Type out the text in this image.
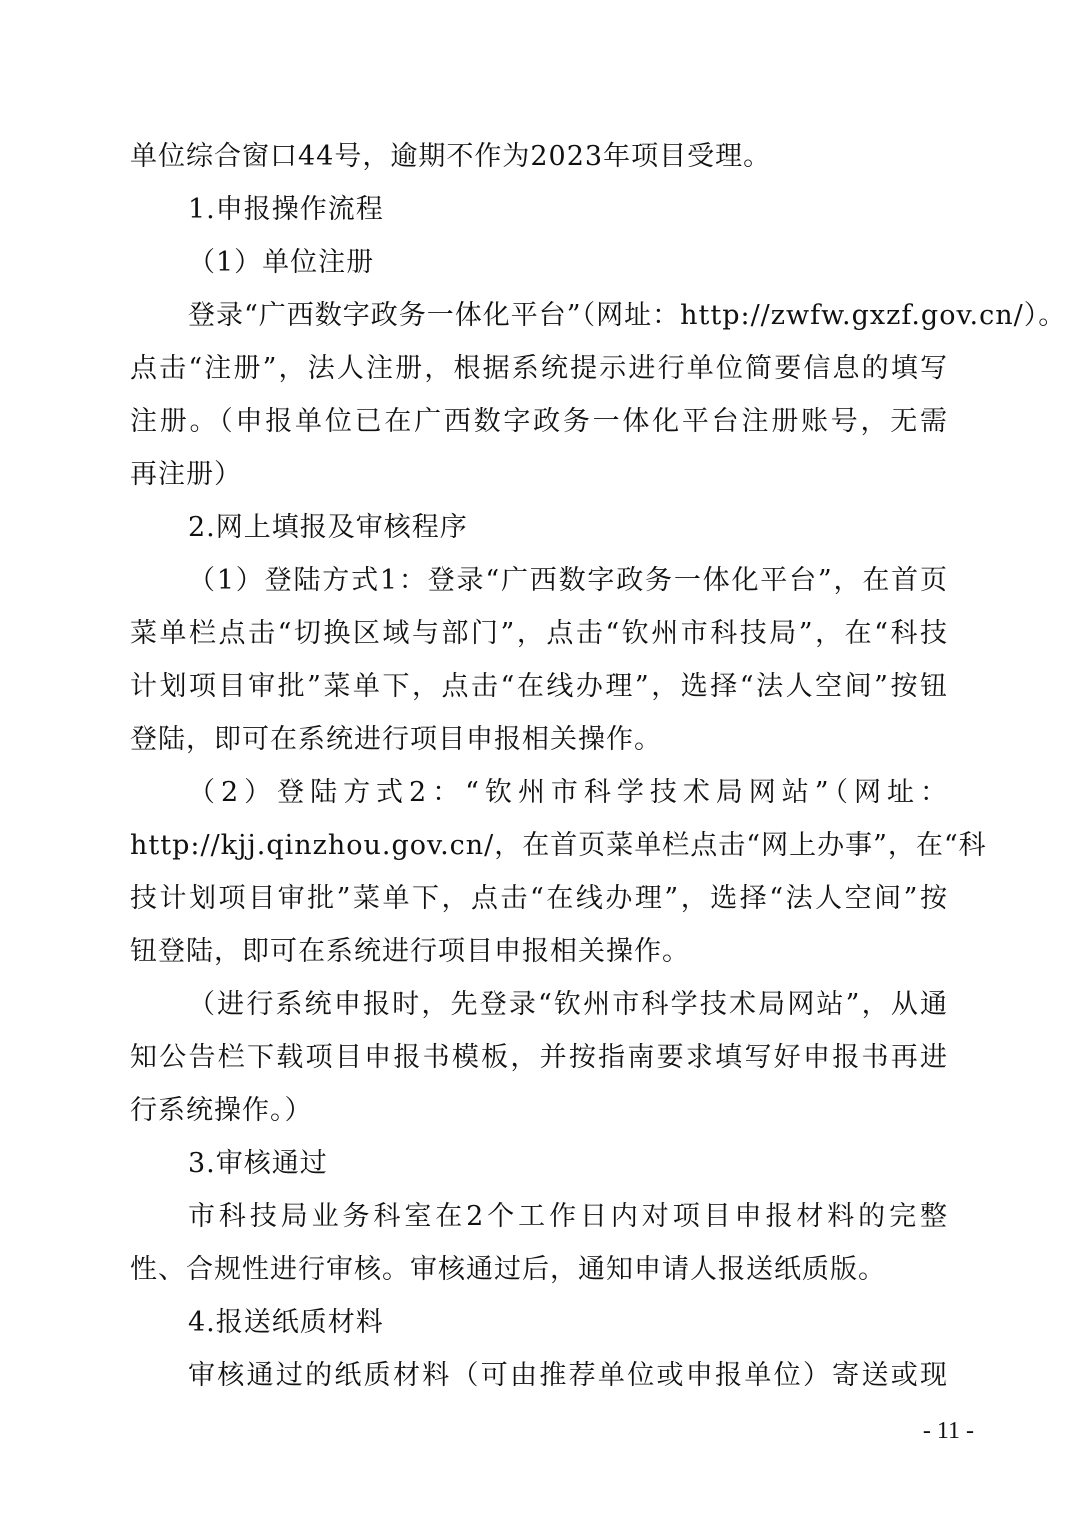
单位综合窗口44号，逾期不作为2023年项目受理。
1.申报操作流程
（1）单位注册
登录“广西数字政务一体化平台”（网址：http://zwfw.gxzf.gov.cn/）。
点击“注册”，法人注册，根据系统提示进行单位简要信息的填写
注册。（申报单位已在广西数字政务一体化平台注册账号，无需
再注册）
2.网上填报及审核程序
（1）登陆方式1：登录“广西数字政务一体化平台”，在首页
菜单栏点击“切换区域与部门”，点击“钦州市科技局”，在“科技
计划项目审批”菜单下，点击“在线办理”，选择“法人空间”按钮
登陆，即可在系统进行项目申报相关操作。
（2）登陆方式2：“钦州市科学技术局网站”（网址：
http://kjj.qinzhou.gov.cn/，在首页菜单栏点击“网上办事”，在“科
技计划项目审批”菜单下，点击“在线办理”，选择“法人空间”按
钮登陆，即可在系统进行项目申报相关操作。
（进行系统申报时，先登录“钦州市科学技术局网站”，从通
知公告栏下载项目申报书模板，并按指南要求填写好申报书再进
行系统操作。）
3.审核通过
市科技局业务科室在2个工作日内对项目申报材料的完整
性、合规性进行审核。审核通过后，通知申请人报送纸质版。
4.报送纸质材料
审核通过的纸质材料（可由推荐单位或申报单位）寄送或现
- 11 -
